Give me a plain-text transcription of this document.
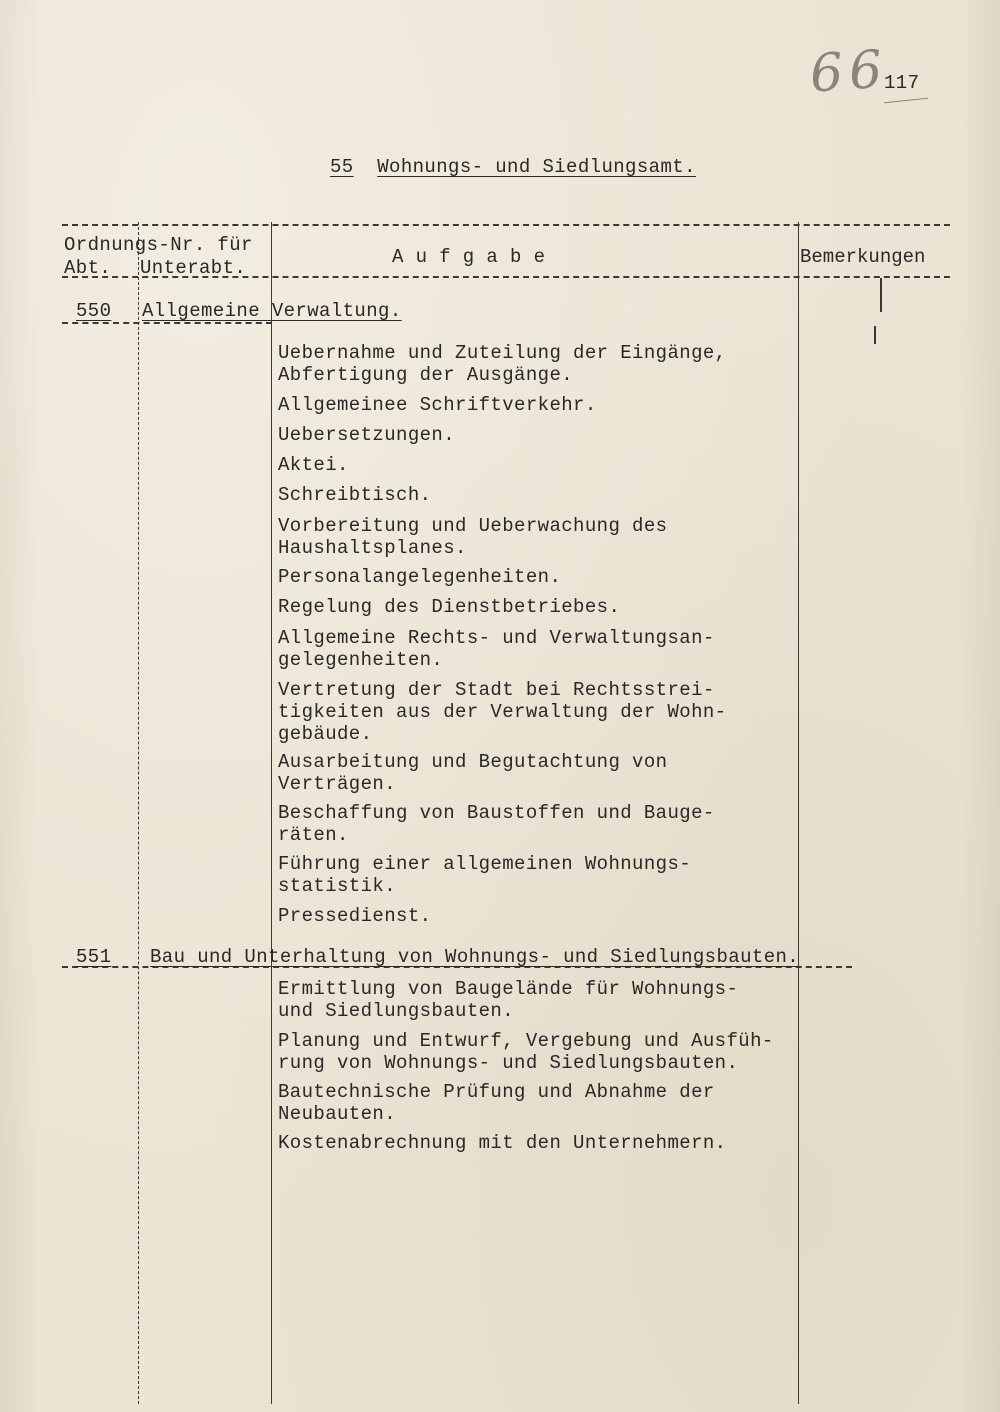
66
117
55 Wohnungs- und Siedlungsamt.
Ordnungs-Nr. für
Abt. Unterabt.	A u f g a b e	Bemerkungen
550 Allgemeine Verwaltung.
Uebernahme und Zuteilung der Eingänge,
Abfertigung der Ausgänge.
Allgemeinee Schriftverkehr.
Uebersetzungen.
Aktei.
Schreibtisch.
Vorbereitung und Ueberwachung des
Haushaltsplanes.
Personalangelegenheiten.
Regelung des Dienstbetriebes.
Allgemeine Rechts- und Verwaltungsan-
gelegenheiten.
Vertretung der Stadt bei Rechtsstrei-
tigkeiten aus der Verwaltung der Wohn-
gebäude.
Ausarbeitung und Begutachtung von
Verträgen.
Beschaffung von Baustoffen und Bauge-
räten.
Führung einer allgemeinen Wohnungs-
statistik.
Pressedienst.
551 Bau und Unterhaltung von Wohnungs- und Siedlungsbauten.
Ermittlung von Baugelände für Wohnungs-
und Siedlungsbauten.
Planung und Entwurf, Vergebung und Ausfüh-
rung von Wohnungs- und Siedlungsbauten.
Bautechnische Prüfung und Abnahme der
Neubauten.
Kostenabrechnung mit den Unternehmern.
